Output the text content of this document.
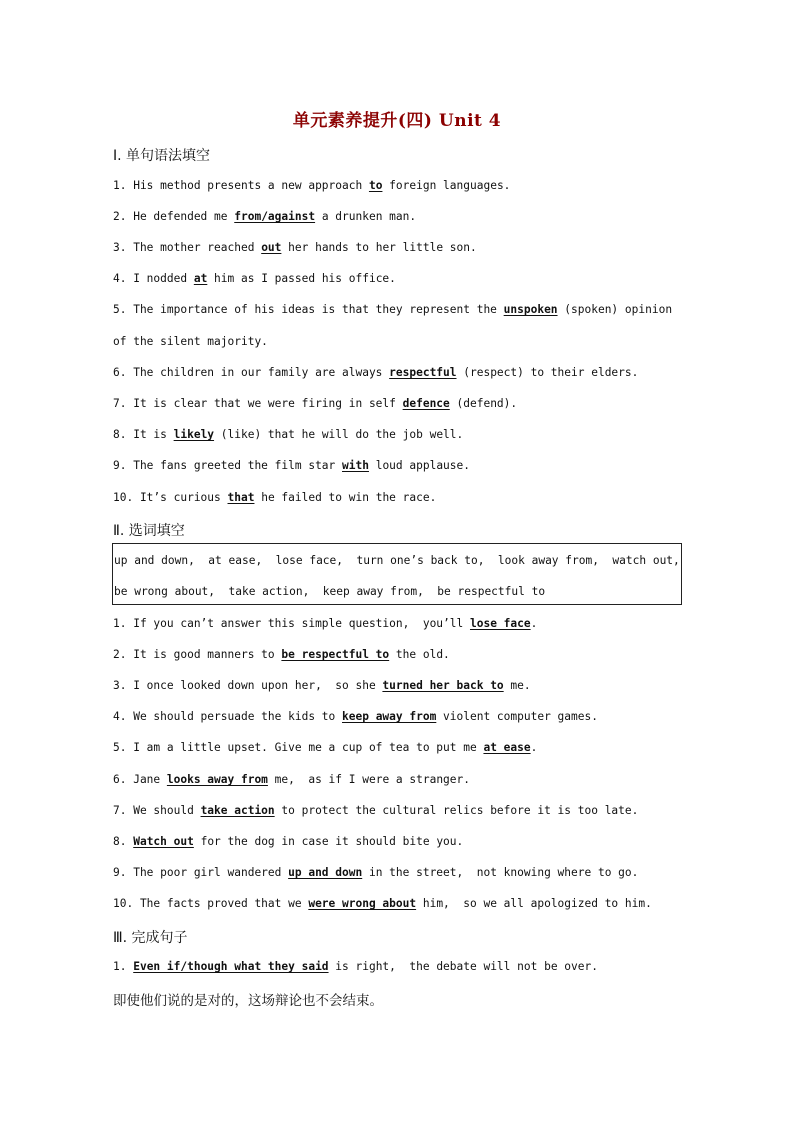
单元素养提升(四) Unit 4
Ⅰ. 单句语法填空
1. His method presents a new approach to foreign languages.
2. He defended me from/against a drunken man.
3. The mother reached out her hands to her little son.
4. I nodded at him as I passed his office.
5. The importance of his ideas is that they represent the unspoken (spoken) opinion
of the silent majority.
6. The children in our family are always respectful (respect) to their elders.
7. It is clear that we were firing in self defence (defend).
8. It is likely (like) that he will do the job well.
9. The fans greeted the film star with loud applause.
10. It’s curious that he failed to win the race.
Ⅱ. 选词填空
up and down,  at ease,  lose face,  turn one’s back to,  look away from,  watch out,
be wrong about,  take action,  keep away from,  be respectful to
1. If you can’t answer this simple question,  you’ll lose face.
2. It is good manners to be respectful to the old.
3. I once looked down upon her,  so she turned her back to me.
4. We should persuade the kids to keep away from violent computer games.
5. I am a little upset. Give me a cup of tea to put me at ease.
6. Jane looks away from me,  as if I were a stranger.
7. We should take action to protect the cultural relics before it is too late.
8. Watch out for the dog in case it should bite you.
9. The poor girl wandered up and down in the street,  not knowing where to go.
10. The facts proved that we were wrong about him,  so we all apologized to him.
Ⅲ. 完成句子
1. Even if/though what they said is right,  the debate will not be over.
即使他们说的是对的，这场辩论也不会结束。
